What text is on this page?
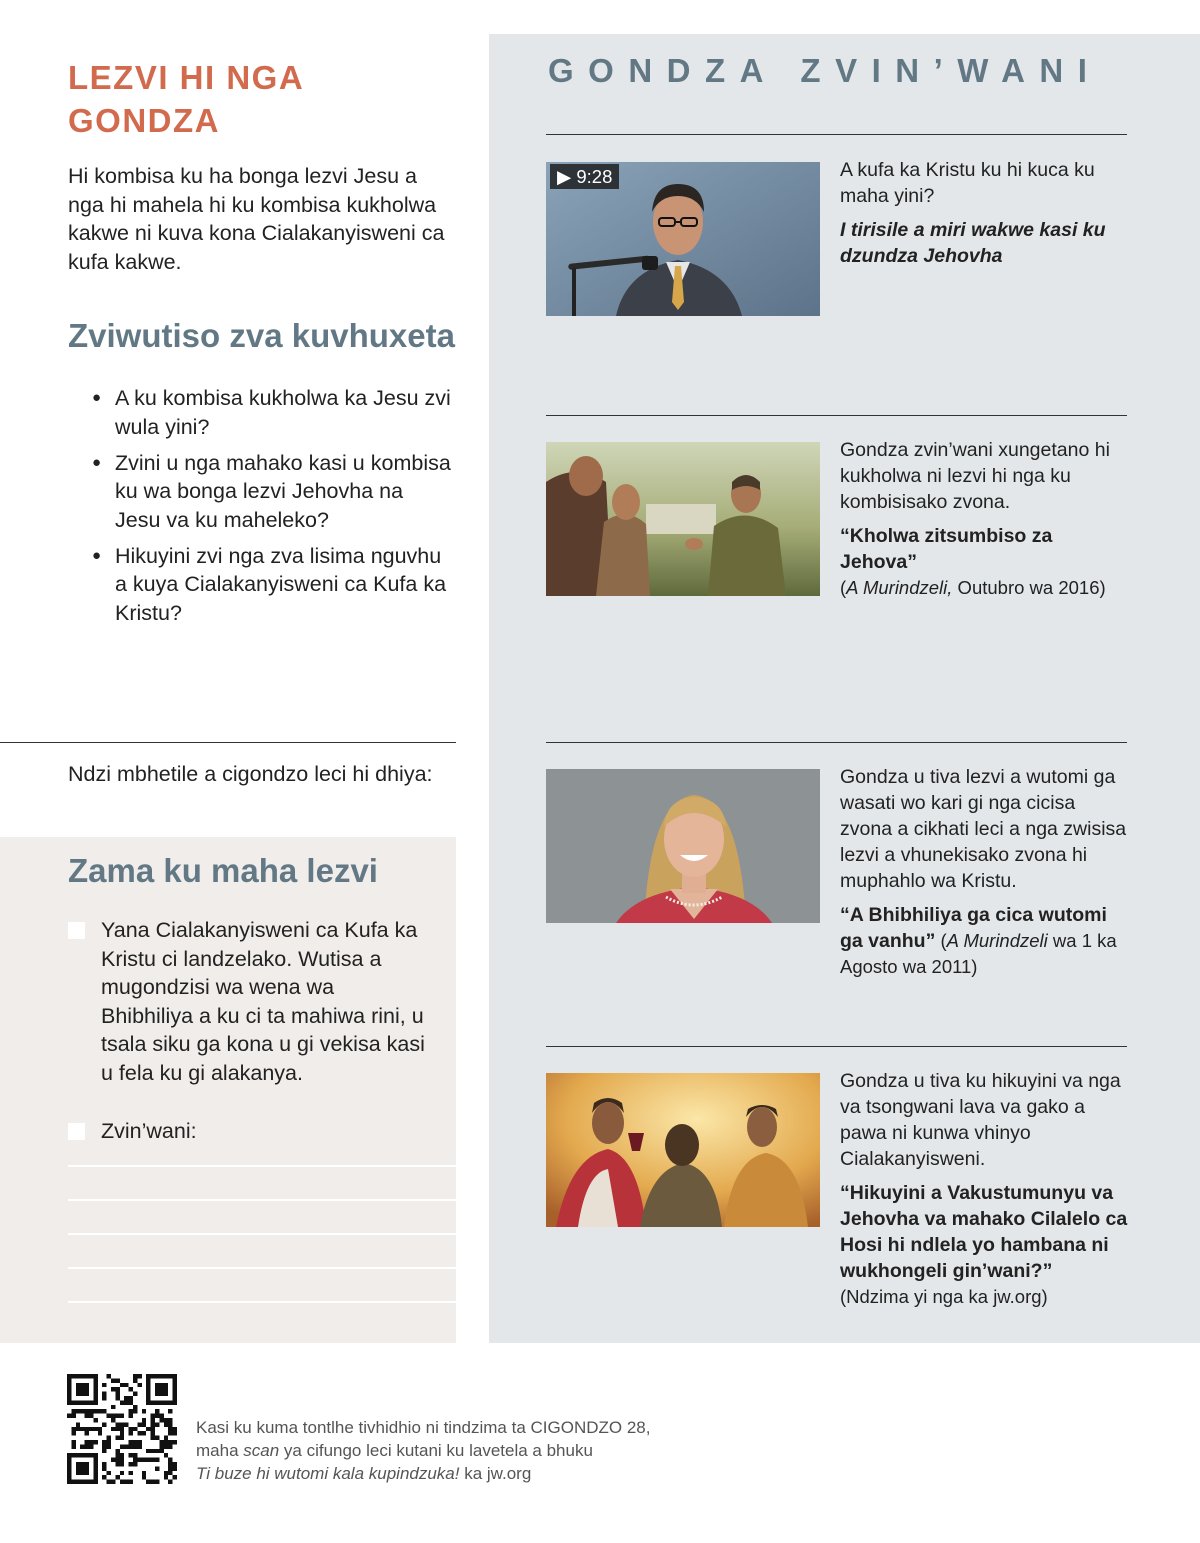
LEZVI HI NGA GONDZA

Hi kombisa ku ha bonga lezvi Jesu a nga hi mahela hi ku kombisa kukholwa kakwe ni kuva kona Cialakanyisweni ca kufa kakwe.

Zviwutiso zva kuvhuxeta
● A ku kombisa kukholwa ka Jesu zvi wula yini?
● Zvini u nga mahako kasi u kombisa ku wa bonga lezvi Jehovha na Jesu va ku maheleko?
● Hikuyini zvi nga zva lisima nguvhu a kuya Cialakanyisweni ca Kufa ka Kristu?

Ndzi mbhetile a cigondzo leci hi dhiya:

Zama ku maha lezvi
Yana Cialakanyisweni ca Kufa ka Kristu ci landzelako. Wutisa a mugondzisi wa wena wa Bhibhiliya a ku ci ta mahiwa rini, u tsala siku ga kona u gi vekisa kasi u fela ku gi alakanya.
Zvin’wani:
GONDZA ZVIN’WANI
▶ 9:28	A kufa ka Kristu ku hi kuca ku maha yini?

I tirisile a miri wakwe kasi ku dzundza Jehovha

Gondza zvin’wani xungetano hi kukholwa ni lezvi hi nga ku kombisisako zvona.

“Kholwa zitsumbiso za Jehova”

(A Murindzeli, Outubro wa 2016)

Gondza u tiva lezvi a wutomi ga wasati wo kari gi nga cicisa zvona a cikhati leci a nga zwisisa lezvi a vhunekisako zvona hi muphahlo wa Kristu.

“A Bhibhiliya ga cica wutomi ga vanhu” (A Murindzeli wa 1 ka Agosto wa 2011)

Gondza u tiva ku hikuyini va nga va tsongwani lava va gako a pawa ni kunwa vhinyo Cialakanyisweni.

“Hikuyini a Vakustumunyu va Jehovha va mahako Cilalelo ca Hosi hi ndlela yo hambana ni wukhongeli gin’wani?”

(Ndzima yi nga ka jw.org)

Kasi ku kuma tontlhe tivhidhio ni tindzima ta CIGONDZO 28,
maha scan ya cifungo leci kutani ku lavetela a bhuku
Ti buze hi wutomi kala kupindzuka! ka jw.org
